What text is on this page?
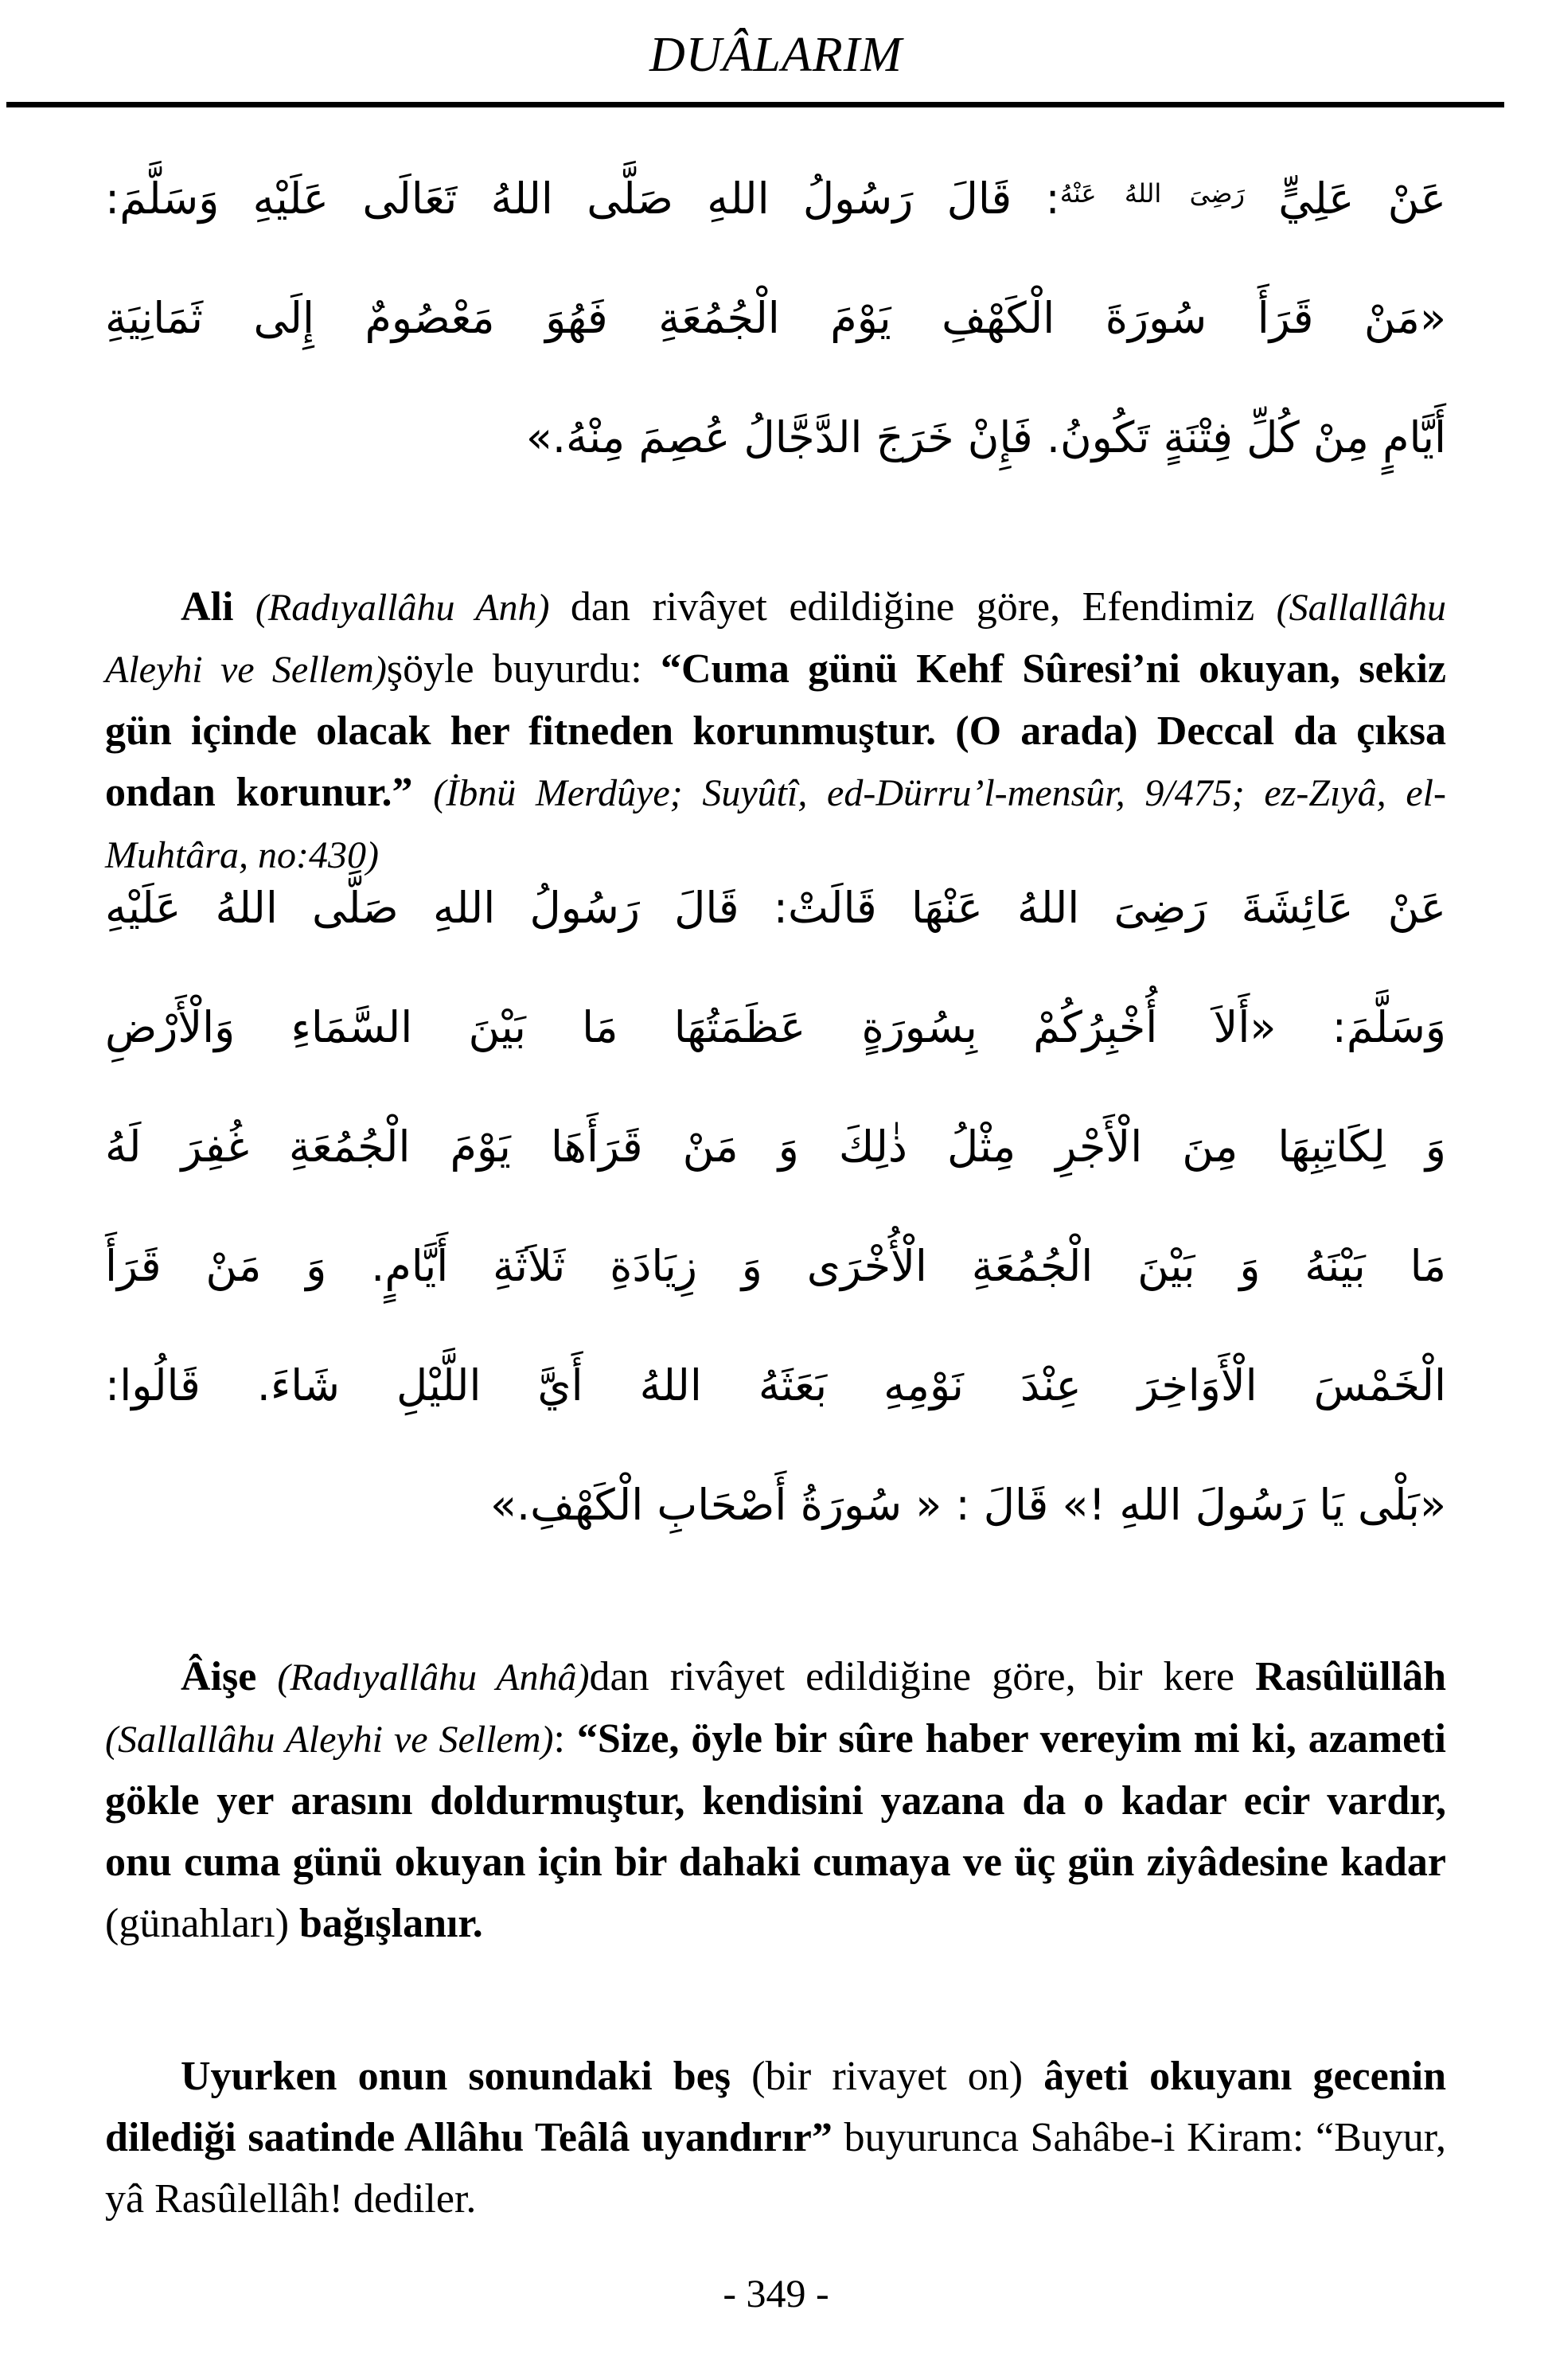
DUÂLARIM
عَنْ عَلِيٍّ $^{رَضِىَ اللهُ عَنْهُ}$: قَالَ رَسُولُ اللهِ صَلَّى اللهُ تَعَالَى عَلَيْهِ وَسَلَّمَ:
«مَنْ قَرَأَ سُورَةَ الْكَهْفِ يَوْمَ الْجُمُعَةِ فَهُوَ مَعْصُومٌ إِلَى ثَمَانِيَةِ
أَيَّامٍ مِنْ كُلِّ فِتْنَةٍ تَكُونُ. فَإِنْ خَرَجَ الدَّجَّالُ عُصِمَ مِنْهُ.»

Ali (Radıyallâhu Anh) dan rivâyet edildiğine göre, Efendimiz (Sallallâhu Aleyhi ve Sellem)şöyle buyurdu: “Cuma günü Kehf Sûresi’ni okuyan, sekiz gün içinde olacak her fitneden korunmuştur. (O arada) Deccal da çıksa ondan korunur.” (İbnü Merdûye; Suyûtî, ed-Dürru’l-mensûr, 9/475; ez-Zıyâ, el-Muhtâra, no:430)

عَنْ عَائِشَةَ رَضِىَ اللهُ عَنْهَا قَالَتْ: قَالَ رَسُولُ اللهِ صَلَّى اللهُ عَلَيْهِ
وَسَلَّمَ: «أَلاَ أُخْبِرُكُمْ بِسُورَةٍ عَظَمَتُهَا مَا بَيْنَ السَّمَاءِ وَالْأَرْضِ
وَ لِكَاتِبِهَا مِنَ الْأَجْرِ مِثْلُ ذٰلِكَ وَ مَنْ قَرَأَهَا يَوْمَ الْجُمُعَةِ غُفِرَ لَهُ
مَا بَيْنَهُ وَ بَيْنَ الْجُمُعَةِ الْأُخْرَى وَ زِيَادَةِ ثَلاَثَةِ أَيَّامٍ. وَ مَنْ قَرَأَ
الْخَمْسَ الْأَوَاخِرَ عِنْدَ نَوْمِهِ بَعَثَهُ اللهُ أَيَّ اللَّيْلِ شَاءَ. قَالُوا:
«بَلْى يَا رَسُولَ اللهِ !» قَالَ : « سُورَةُ أَصْحَابِ الْكَهْفِ.»

Âişe (Radıyallâhu Anhâ)dan rivâyet edildiğine göre, bir kere Rasûlüllâh (Sallallâhu Aleyhi ve Sellem): “Size, öyle bir sûre haber vereyim mi ki, azameti gökle yer arasını doldurmuştur, kendisini yazana da o kadar ecir vardır, onu cuma günü okuyan için bir dahaki cumaya ve üç gün ziyâdesine kadar (günahları) bağışlanır.

Uyurken onun sonundaki beş (bir rivayet on) âyeti okuyanı gecenin dilediği saatinde Allâhu Teâlâ uyandırır” buyurunca Sahâbe-i Kiram: “Buyur, yâ Rasûlellâh! dediler.

- 349 -
